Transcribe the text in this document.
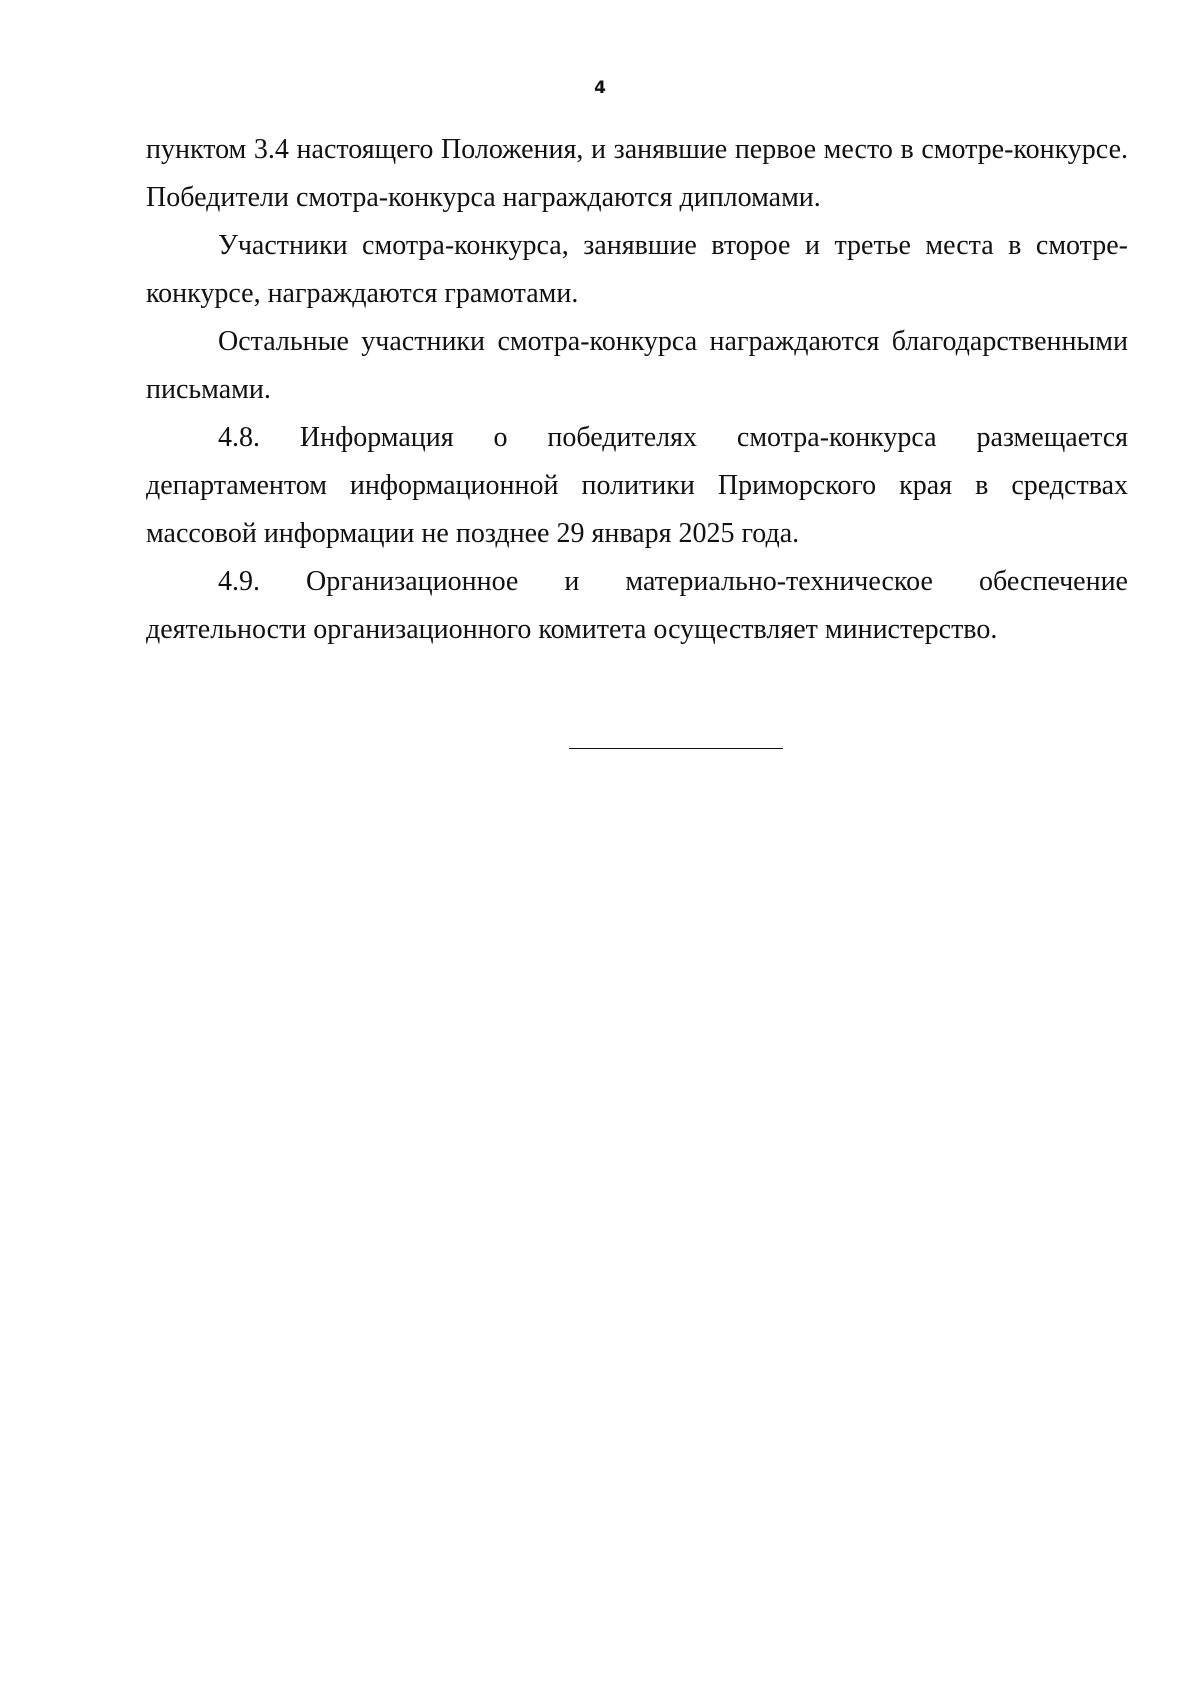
4

пунктом 3.4 настоящего Положения, и занявшие первое место в смотре-конкурсе. Победители смотра-конкурса награждаются дипломами.

Участники смотра-конкурса, занявшие второе и третье места в смотре-конкурсе, награждаются грамотами.

Остальные участники смотра-конкурса награждаются благодарственными письмами.

4.8. Информация о победителях смотра-конкурса размещается департаментом информационной политики Приморского края в средствах массовой информации не позднее 29 января 2025 года.

4.9. Организационное и материально-техническое обеспечение деятельности организационного комитета осуществляет министерство.
